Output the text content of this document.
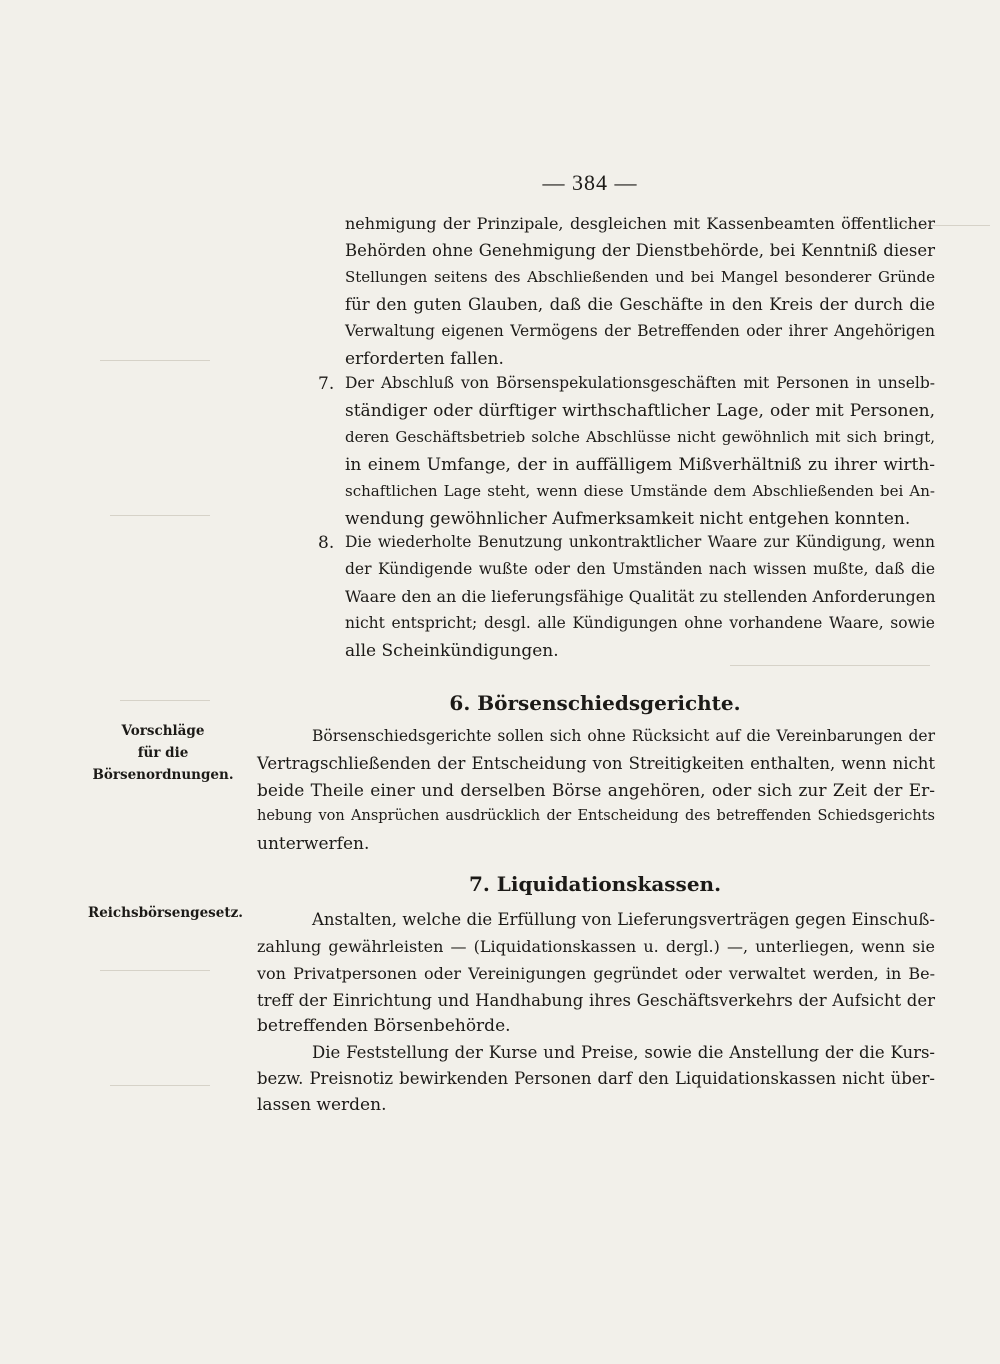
— 384 —
nehmigung der Prinzipale, desgleichen mit Kassenbeamten öffentlicher
Behörden ohne Genehmigung der Dienstbehörde, bei Kenntniß dieser
Stellungen seitens des Abschließenden und bei Mangel besonderer Gründe
für den guten Glauben, daß die Geschäfte in den Kreis der durch die
Verwaltung eigenen Vermögens der Betreffenden oder ihrer Angehörigen
erforderten fallen.
7. Der Abschluß von Börsenspekulationsgeschäften mit Personen in unselb-
ständiger oder dürftiger wirthschaftlicher Lage, oder mit Personen,
deren Geschäftsbetrieb solche Abschlüsse nicht gewöhnlich mit sich bringt,
in einem Umfange, der in auffälligem Mißverhältniß zu ihrer wirth-
schaftlichen Lage steht, wenn diese Umstände dem Abschließenden bei An-
wendung gewöhnlicher Aufmerksamkeit nicht entgehen konnten.
8. Die wiederholte Benutzung unkontraktlicher Waare zur Kündigung, wenn
der Kündigende wußte oder den Umständen nach wissen mußte, daß die
Waare den an die lieferungsfähige Qualität zu stellenden Anforderungen
nicht entspricht; desgl. alle Kündigungen ohne vorhandene Waare, sowie
alle Scheinkündigungen.
6. Börsenschiedsgerichte.
Vorschläge
für die
Börsenordnungen.
Börsenschiedsgerichte sollen sich ohne Rücksicht auf die Vereinbarungen der
Vertragschließenden der Entscheidung von Streitigkeiten enthalten, wenn nicht
beide Theile einer und derselben Börse angehören, oder sich zur Zeit der Er-
hebung von Ansprüchen ausdrücklich der Entscheidung des betreffenden Schiedsgerichts
unterwerfen.
7. Liquidationskassen.
Reichsbörsengesetz.	Anstalten, welche die Erfüllung von Lieferungsverträgen gegen Einschuß-
zahlung gewährleisten — (Liquidationskassen u. dergl.) —, unterliegen, wenn sie
von Privatpersonen oder Vereinigungen gegründet oder verwaltet werden, in Be-
treff der Einrichtung und Handhabung ihres Geschäftsverkehrs der Aufsicht der
betreffenden Börsenbehörde.
Die Feststellung der Kurse und Preise, sowie die Anstellung der die Kurs-
bezw. Preisnotiz bewirkenden Personen darf den Liquidationskassen nicht über-
lassen werden.
